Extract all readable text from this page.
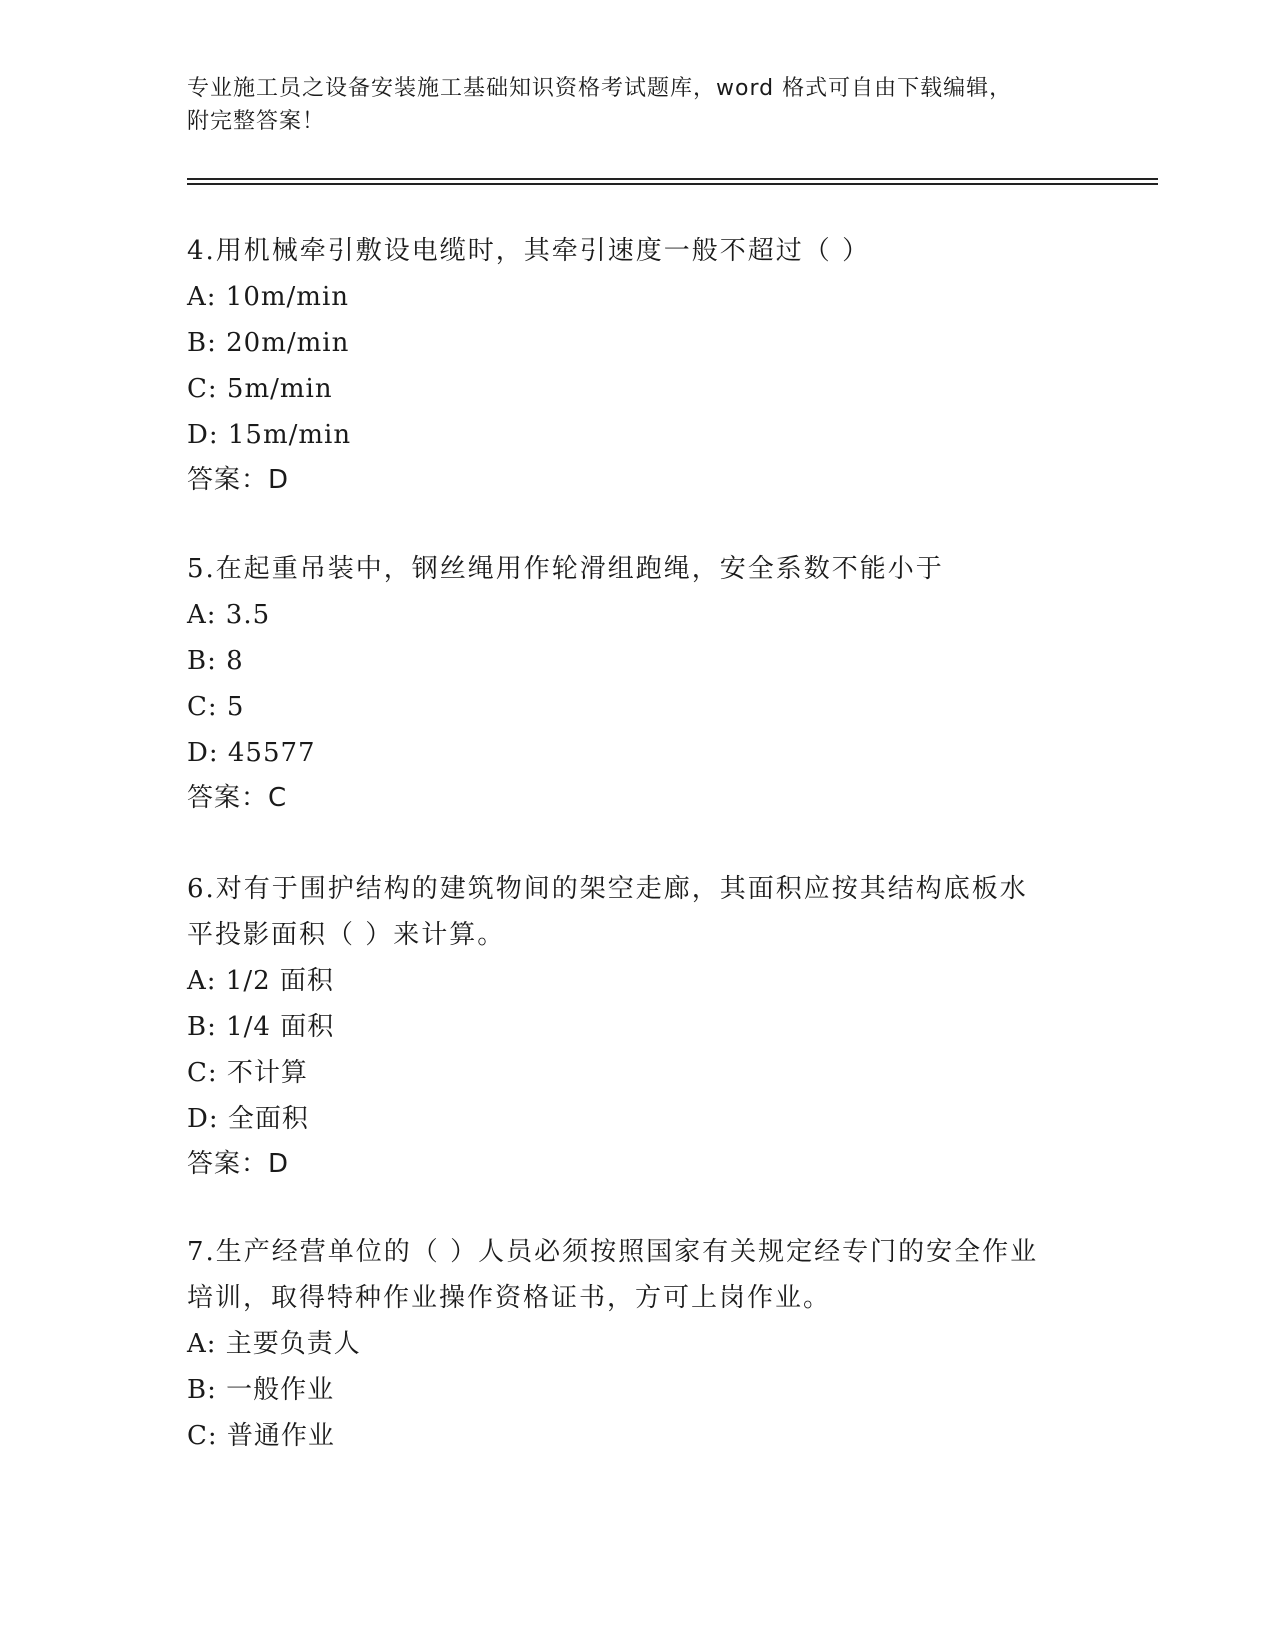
专业施工员之设备安装施工基础知识资格考试题库，word 格式可自由下载编辑，
附完整答案！

4.用机械牵引敷设电缆时，其牵引速度一般不超过（ ）

A: 10m/min

B: 20m/min

C: 5m/min

D: 15m/min

答案：D

5.在起重吊装中，钢丝绳用作轮滑组跑绳，安全系数不能小于

A: 3.5

B: 8

C: 5

D: 45577

答案：C

6.对有于围护结构的建筑物间的架空走廊，其面积应按其结构底板水

平投影面积（ ）来计算。

A: 1/2 面积

B: 1/4 面积

C: 不计算

D: 全面积

答案：D

7.生产经营单位的（ ）人员必须按照国家有关规定经专门的安全作业

培训，取得特种作业操作资格证书，方可上岗作业。

A: 主要负责人

B: 一般作业

C: 普通作业
